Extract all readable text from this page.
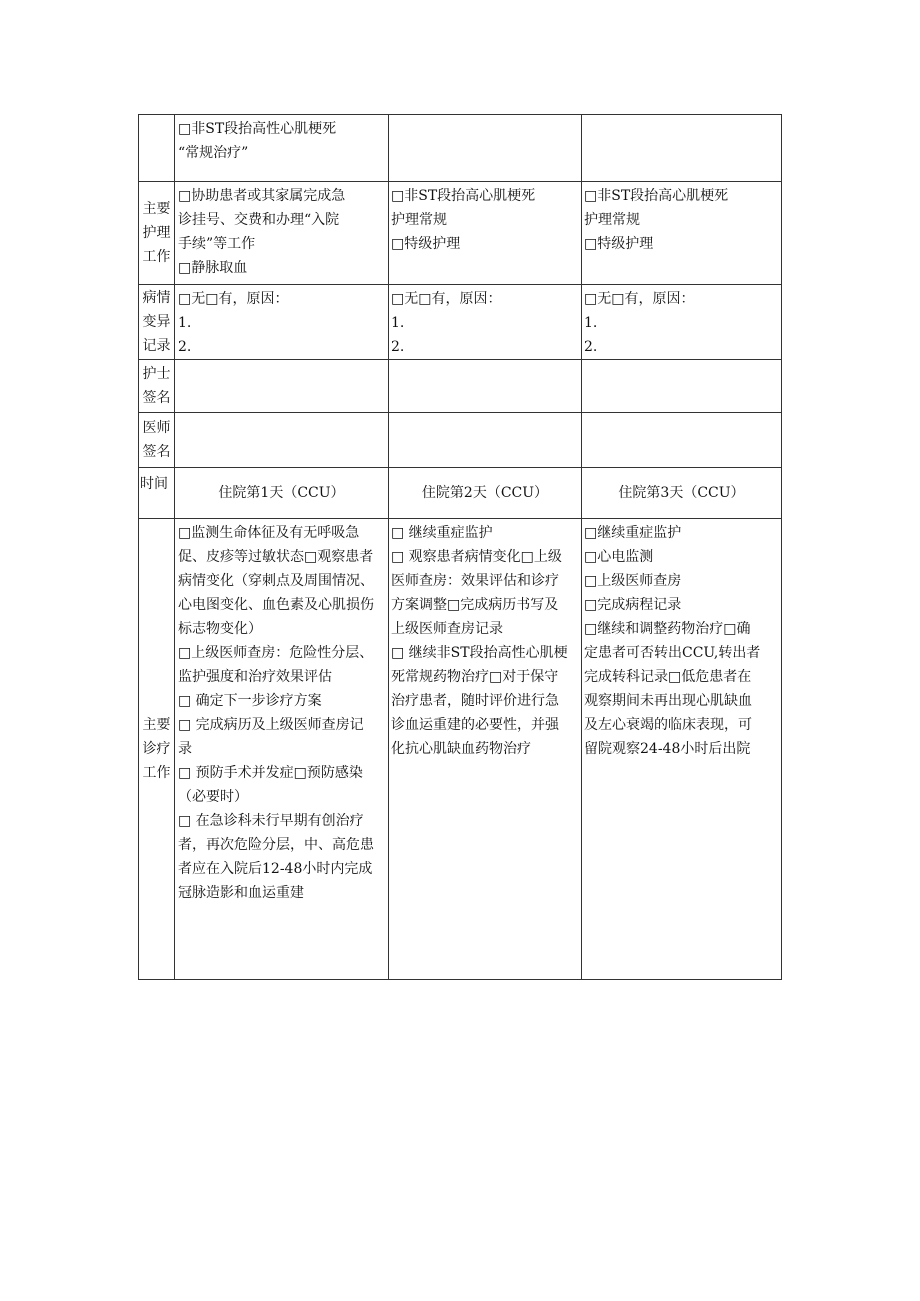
□非ST段抬高性心肌梗死
“常规治疗”
主要
护理
工作
□协助患者或其家属完成急
诊挂号、交费和办理“入院
手续”等工作
□静脉取血
□非ST段抬高心肌梗死
护理常规
□特级护理
□非ST段抬高心肌梗死
护理常规
□特级护理
病情
变异
记录
□无□有，原因：
1.
2.
□无□有，原因：
1.
2.
□无□有，原因：
1.
2.
护士
签名
医师
签名
时间
住院第1天（CCU）	住院第2天（CCU）	住院第3天（CCU）
主要
诊疗
工作
□监测生命体征及有无呼吸急
促、皮疹等过敏状态□观察患者
病情变化（穿刺点及周围情况、
心电图变化、血色素及心肌损伤
标志物变化）
□上级医师查房：危险性分层、
监护强度和治疗效果评估
□ 确定下一步诊疗方案
□ 完成病历及上级医师查房记
录
□ 预防手术并发症□预防感染
（必要时）
□ 在急诊科未行早期有创治疗
者，再次危险分层，中、高危患
者应在入院后12-48小时内完成
冠脉造影和血运重建
□ 继续重症监护
□ 观察患者病情变化□上级
医师查房：效果评估和诊疗
方案调整□完成病历书写及
上级医师查房记录
□ 继续非ST段抬高性心肌梗
死常规药物治疗□对于保守
治疗患者，随时评价进行急
诊血运重建的必要性，并强
化抗心肌缺血药物治疗
□继续重症监护
□心电监测
□上级医师查房
□完成病程记录
□继续和调整药物治疗□确
定患者可否转出CCU,转出者
完成转科记录□低危患者在
观察期间未再出现心肌缺血
及左心衰竭的临床表现，可
留院观察24-48小时后出院
